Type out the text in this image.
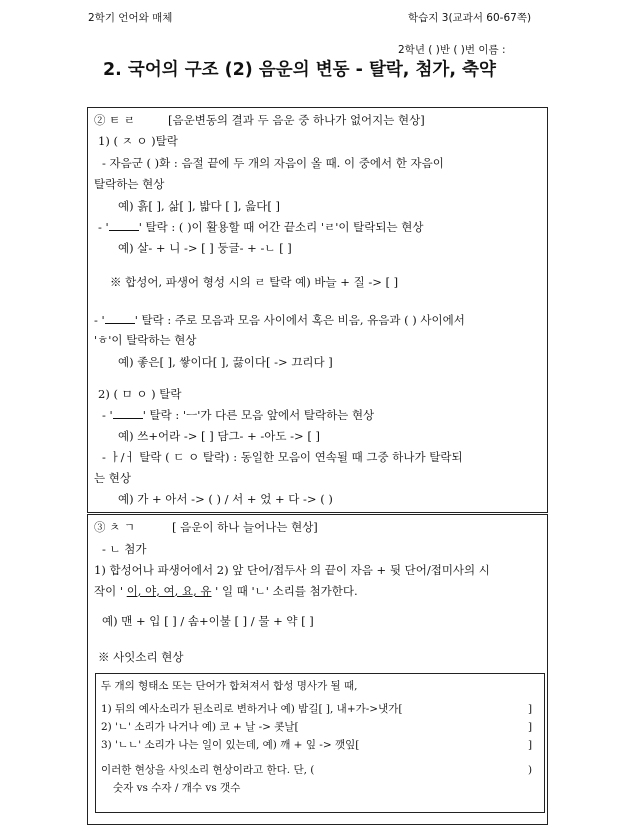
2학기 언어와 매체	학습지 3(교과서 60-67쪽)
2학년 ( )반 ( )번 이름 :
2. 국어의 구조 (2) 음운의 변동 - 탈락, 첨가, 축약
② ㅌ ㄹ	[음운변동의 결과 두 음운 중 하나가 없어지는 현상]
1) ( ㅈ ㅇ )탈락
- 자음군 ( )화 : 음절 끝에 두 개의 자음이 올 때. 이 중에서 한 자음이
탈락하는 현상
예) 흙[ ], 삶[ ], 밟다 [ ], 읊다[ ]
- '	' 탈락 : ( )이 활용할 때 어간 끝소리 'ㄹ'이 탈락되는 현상
예) 살- + 니 -> [ ] 둥글- + -ㄴ [ ]
※ 합성어, 파생어 형성 시의 ㄹ 탈락 예) 바늘 + 질 -> [ ]
- '	' 탈락 : 주로 모음과 모음 사이에서 혹은 비음, 유음과 ( ) 사이에서
'ㅎ'이 탈락하는 현상
예) 좋은[ ], 쌓이다[ ], 끓이다[ -> 끄리다 ]
2) ( ㅁ ㅇ ) 탈락
- '	' 탈락 : 'ㅡ'가 다른 모음 앞에서 탈락하는 현상
예) 쓰+어라 -> [ ] 담그- + -아도 -> [ ]
- ㅏ/ㅓ 탈락 ( ㄷ ㅇ 탈락) : 동일한 모음이 연속될 때 그중 하나가 탈락되
는 현상
예) 가 + 아서 -> ( ) / 서 + 었 + 다 -> ( )
③ ㅊ ㄱ	[ 음운이 하나 늘어나는 현상]
- ㄴ 첨가
1) 합성어나 파생어에서 2) 앞 단어/접두사 의 끝이 자음 + 뒷 단어/접미사의 시
작이 ' 이, 야, 여, 요, 유 ' 일 때 'ㄴ' 소리를 첨가한다.
예) 맨 + 입 [ ] / 솜+이불 [ ] / 물 + 약 [ ]
※ 사잇소리 현상
두 개의 형태소 또는 단어가 합쳐져서 합성 명사가 될 때,
1) 뒤의 예사소리가 된소리로 변하거나 예) 밤길[ ], 내+가->냇가[	]
2) 'ㄴ' 소리가 나거나 예) 코 + 날 -> 콧날[	]
3) 'ㄴㄴ' 소리가 나는 일이 있는데, 예) 깨 + 잎 -> 깻잎[	]
이러한 현상을 사잇소리 현상이라고 한다. 단, (	)
숫자 vs 수자 / 개수 vs 갯수
